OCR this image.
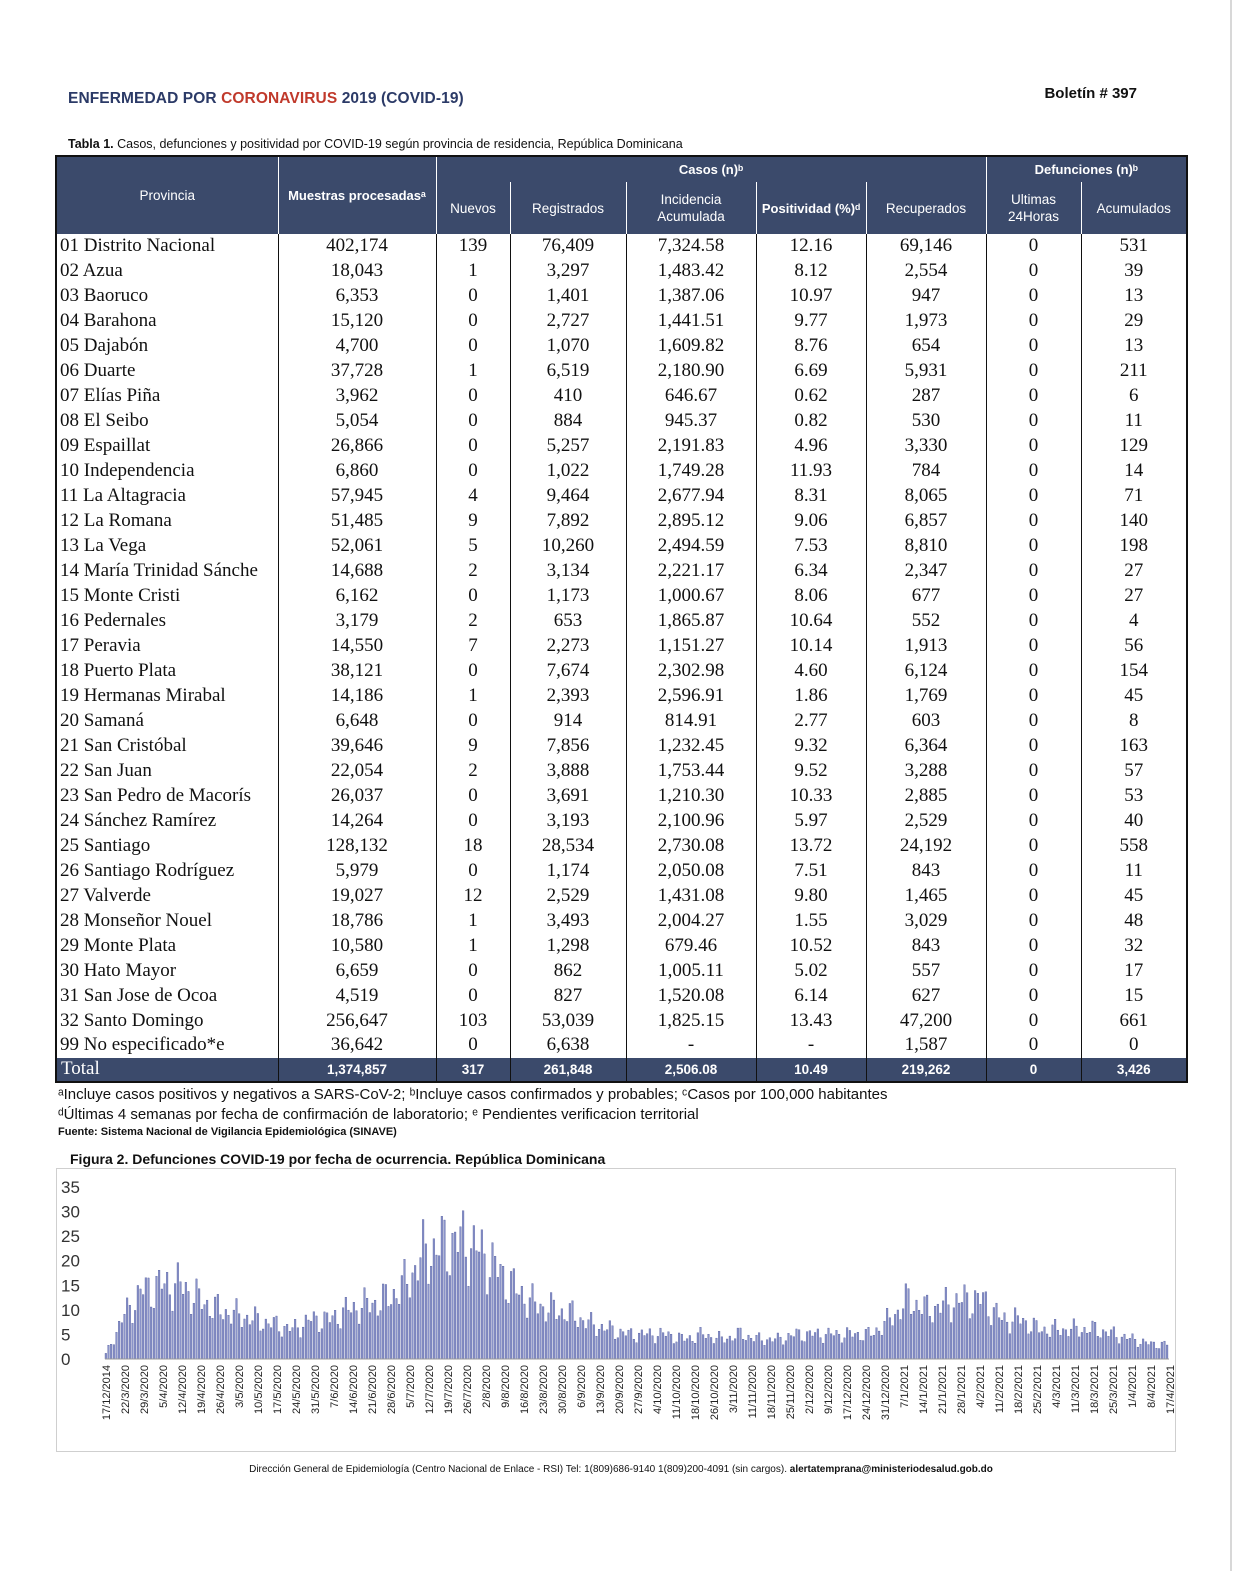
ENFERMEDAD POR CORONAVIRUS 2019 (COVID-19)	Boletín # 397
Tabla 1. Casos, defunciones y positividad por COVID-19 según provincia de residencia, República Dominicana
Provincia	Muestras procesadasᵃ	Casos (n)ᵇ					Defunciones (n)ᵇ	
		Nuevos	Registrados	Incidencia Acumulada	Positividad (%)ᵈ	Recuperados	Ultimas 24Horas	Acumulados
01 Distrito Nacional	402,174	139	76,409	7,324.58	12.16	69,146	0	531
02 Azua	18,043	1	3,297	1,483.42	8.12	2,554	0	39
03 Baoruco	6,353	0	1,401	1,387.06	10.97	947	0	13
04 Barahona	15,120	0	2,727	1,441.51	9.77	1,973	0	29
05 Dajabón	4,700	0	1,070	1,609.82	8.76	654	0	13
06 Duarte	37,728	1	6,519	2,180.90	6.69	5,931	0	211
07 Elías Piña	3,962	0	410	646.67	0.62	287	0	6
08 El Seibo	5,054	0	884	945.37	0.82	530	0	11
09 Espaillat	26,866	0	5,257	2,191.83	4.96	3,330	0	129
10 Independencia	6,860	0	1,022	1,749.28	11.93	784	0	14
11 La Altagracia	57,945	4	9,464	2,677.94	8.31	8,065	0	71
12 La Romana	51,485	9	7,892	2,895.12	9.06	6,857	0	140
13 La Vega	52,061	5	10,260	2,494.59	7.53	8,810	0	198
14 María Trinidad Sánche	14,688	2	3,134	2,221.17	6.34	2,347	0	27
15 Monte Cristi	6,162	0	1,173	1,000.67	8.06	677	0	27
16 Pedernales	3,179	2	653	1,865.87	10.64	552	0	4
17 Peravia	14,550	7	2,273	1,151.27	10.14	1,913	0	56
18 Puerto Plata	38,121	0	7,674	2,302.98	4.60	6,124	0	154
19 Hermanas Mirabal	14,186	1	2,393	2,596.91	1.86	1,769	0	45
20 Samaná	6,648	0	914	814.91	2.77	603	0	8
21 San Cristóbal	39,646	9	7,856	1,232.45	9.32	6,364	0	163
22 San Juan	22,054	2	3,888	1,753.44	9.52	3,288	0	57
23 San Pedro de Macorís	26,037	0	3,691	1,210.30	10.33	2,885	0	53
24 Sánchez Ramírez	14,264	0	3,193	2,100.96	5.97	2,529	0	40
25 Santiago	128,132	18	28,534	2,730.08	13.72	24,192	0	558
26 Santiago Rodríguez	5,979	0	1,174	2,050.08	7.51	843	0	11
27 Valverde	19,027	12	2,529	1,431.08	9.80	1,465	0	45
28 Monseñor Nouel	18,786	1	3,493	2,004.27	1.55	3,029	0	48
29 Monte Plata	10,580	1	1,298	679.46	10.52	843	0	32
30 Hato Mayor	6,659	0	862	1,005.11	5.02	557	0	17
31 San Jose de Ocoa	4,519	0	827	1,520.08	6.14	627	0	15
32 Santo Domingo	256,647	103	53,039	1,825.15	13.43	47,200	0	661
99 No especificado*e	36,642	0	6,638	-	-	1,587	0	0
Total	1,374,857	317	261,848	2,506.08	10.49	219,262	0	3,426
ᵃIncluye casos positivos y negativos a SARS-CoV-2; ᵇIncluye casos confirmados y probables; ᶜCasos por 100,000 habitantes
ᵈÚltimas 4 semanas por fecha de confirmación de laboratorio; ᵉ Pendientes verificacion territorial
Fuente: Sistema Nacional de Vigilancia Epidemiológica (SINAVE)
Figura 2. Defunciones COVID-19 por fecha de ocurrencia. República Dominicana
0
5
10
15
20
25
30
35
17/12/2014 22/3/2020 29/3/2020 5/4/2020 12/4/2020 19/4/2020 26/4/2020 3/5/2020 10/5/2020 17/5/2020 24/5/2020 31/5/2020 7/6/2020 14/6/2020 21/6/2020 28/6/2020 5/7/2020 12/7/2020 19/7/2020 26/7/2020 2/8/2020 9/8/2020 16/8/2020 23/8/2020 30/8/2020 6/9/2020 13/9/2020 20/9/2020 27/9/2020 4/10/2020 11/10/2020 18/10/2020 26/10/2020 3/11/2020 11/11/2020 18/11/2020 25/11/2020 2/12/2020 9/12/2020 17/12/2020 24/12/2020 31/12/2020 7/1/2021 14/1/2021 21/1/2021 28/1/2021 4/2/2021 11/2/2021 18/2/2021 25/2/2021 4/3/2021 11/3/2021 18/3/2021 25/3/2021 1/4/2021 8/4/2021 17/4/2021
Dirección General de Epidemiología (Centro Nacional de Enlace - RSI) Tel: 1(809)686-9140 1(809)200-4091 (sin cargos). alertatemprana@ministeriodesalud.gob.do
